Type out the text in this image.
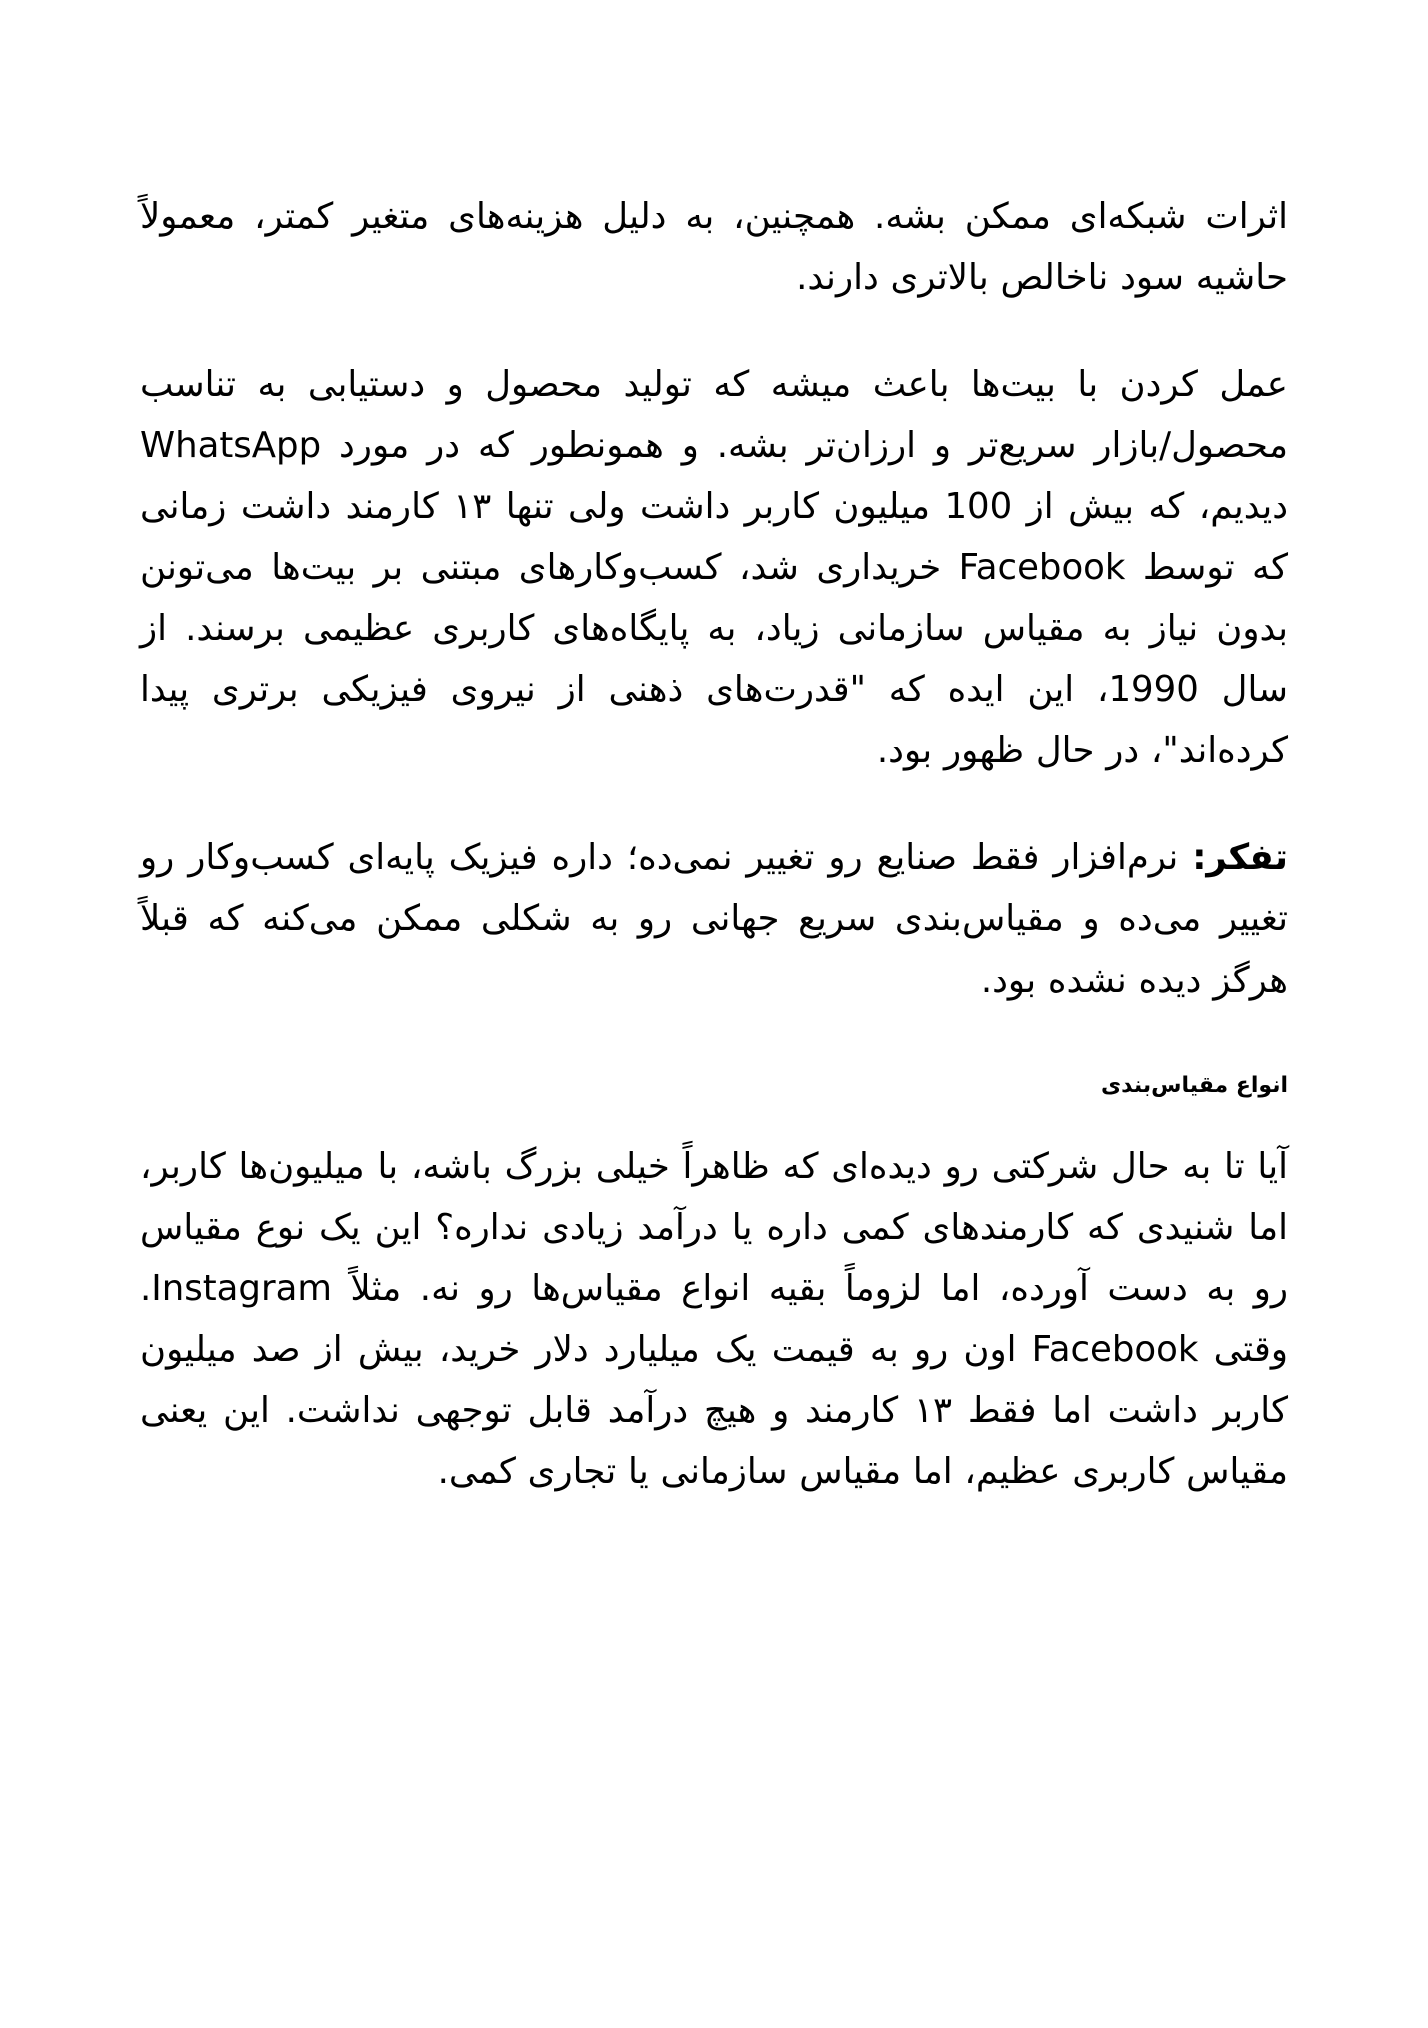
اثرات شبکه‌ای ممکن بشه. همچنین، به دلیل هزینه‌های متغیر کمتر، معمولاً حاشیه سود ناخالص بالاتری دارند.

عمل کردن با بیت‌ها باعث میشه که تولید محصول و دستیابی به تناسب محصول/بازار سریع‌تر و ارزان‌تر بشه. و همونطور که در مورد WhatsApp دیدیم، که بیش از 100 میلیون کاربر داشت ولی تنها ۱۳ کارمند داشت زمانی که توسط Facebook خریداری شد، کسب‌وکارهای مبتنی بر بیت‌ها می‌تونن بدون نیاز به مقیاس سازمانی زیاد، به پایگاه‌های کاربری عظیمی برسند. از سال 1990، این ایده که "قدرت‌های ذهنی از نیروی فیزیکی برتری پیدا کرده‌اند"، در حال ظهور بود.

تفکر: نرم‌افزار فقط صنایع رو تغییر نمی‌ده؛ داره فیزیک پایه‌ای کسب‌وکار رو تغییر می‌ده و مقیاس‌بندی سریع جهانی رو به شکلی ممکن می‌کنه که قبلاً هرگز دیده نشده بود.

انواع مقیاس‌بندی

آیا تا به حال شرکتی رو دیده‌ای که ظاهراً خیلی بزرگ باشه، با میلیون‌ها کاربر، اما شنیدی که کارمندهای کمی داره یا درآمد زیادی نداره؟ این یک نوع مقیاس رو به دست آورده، اما لزوماً بقیه انواع مقیاس‌ها رو نه. مثلاً Instagram. وقتی Facebook اون رو به قیمت یک میلیارد دلار خرید، بیش از صد میلیون کاربر داشت اما فقط ۱۳ کارمند و هیچ درآمد قابل توجهی نداشت. این یعنی مقیاس کاربری عظیم، اما مقیاس سازمانی یا تجاری کمی.
